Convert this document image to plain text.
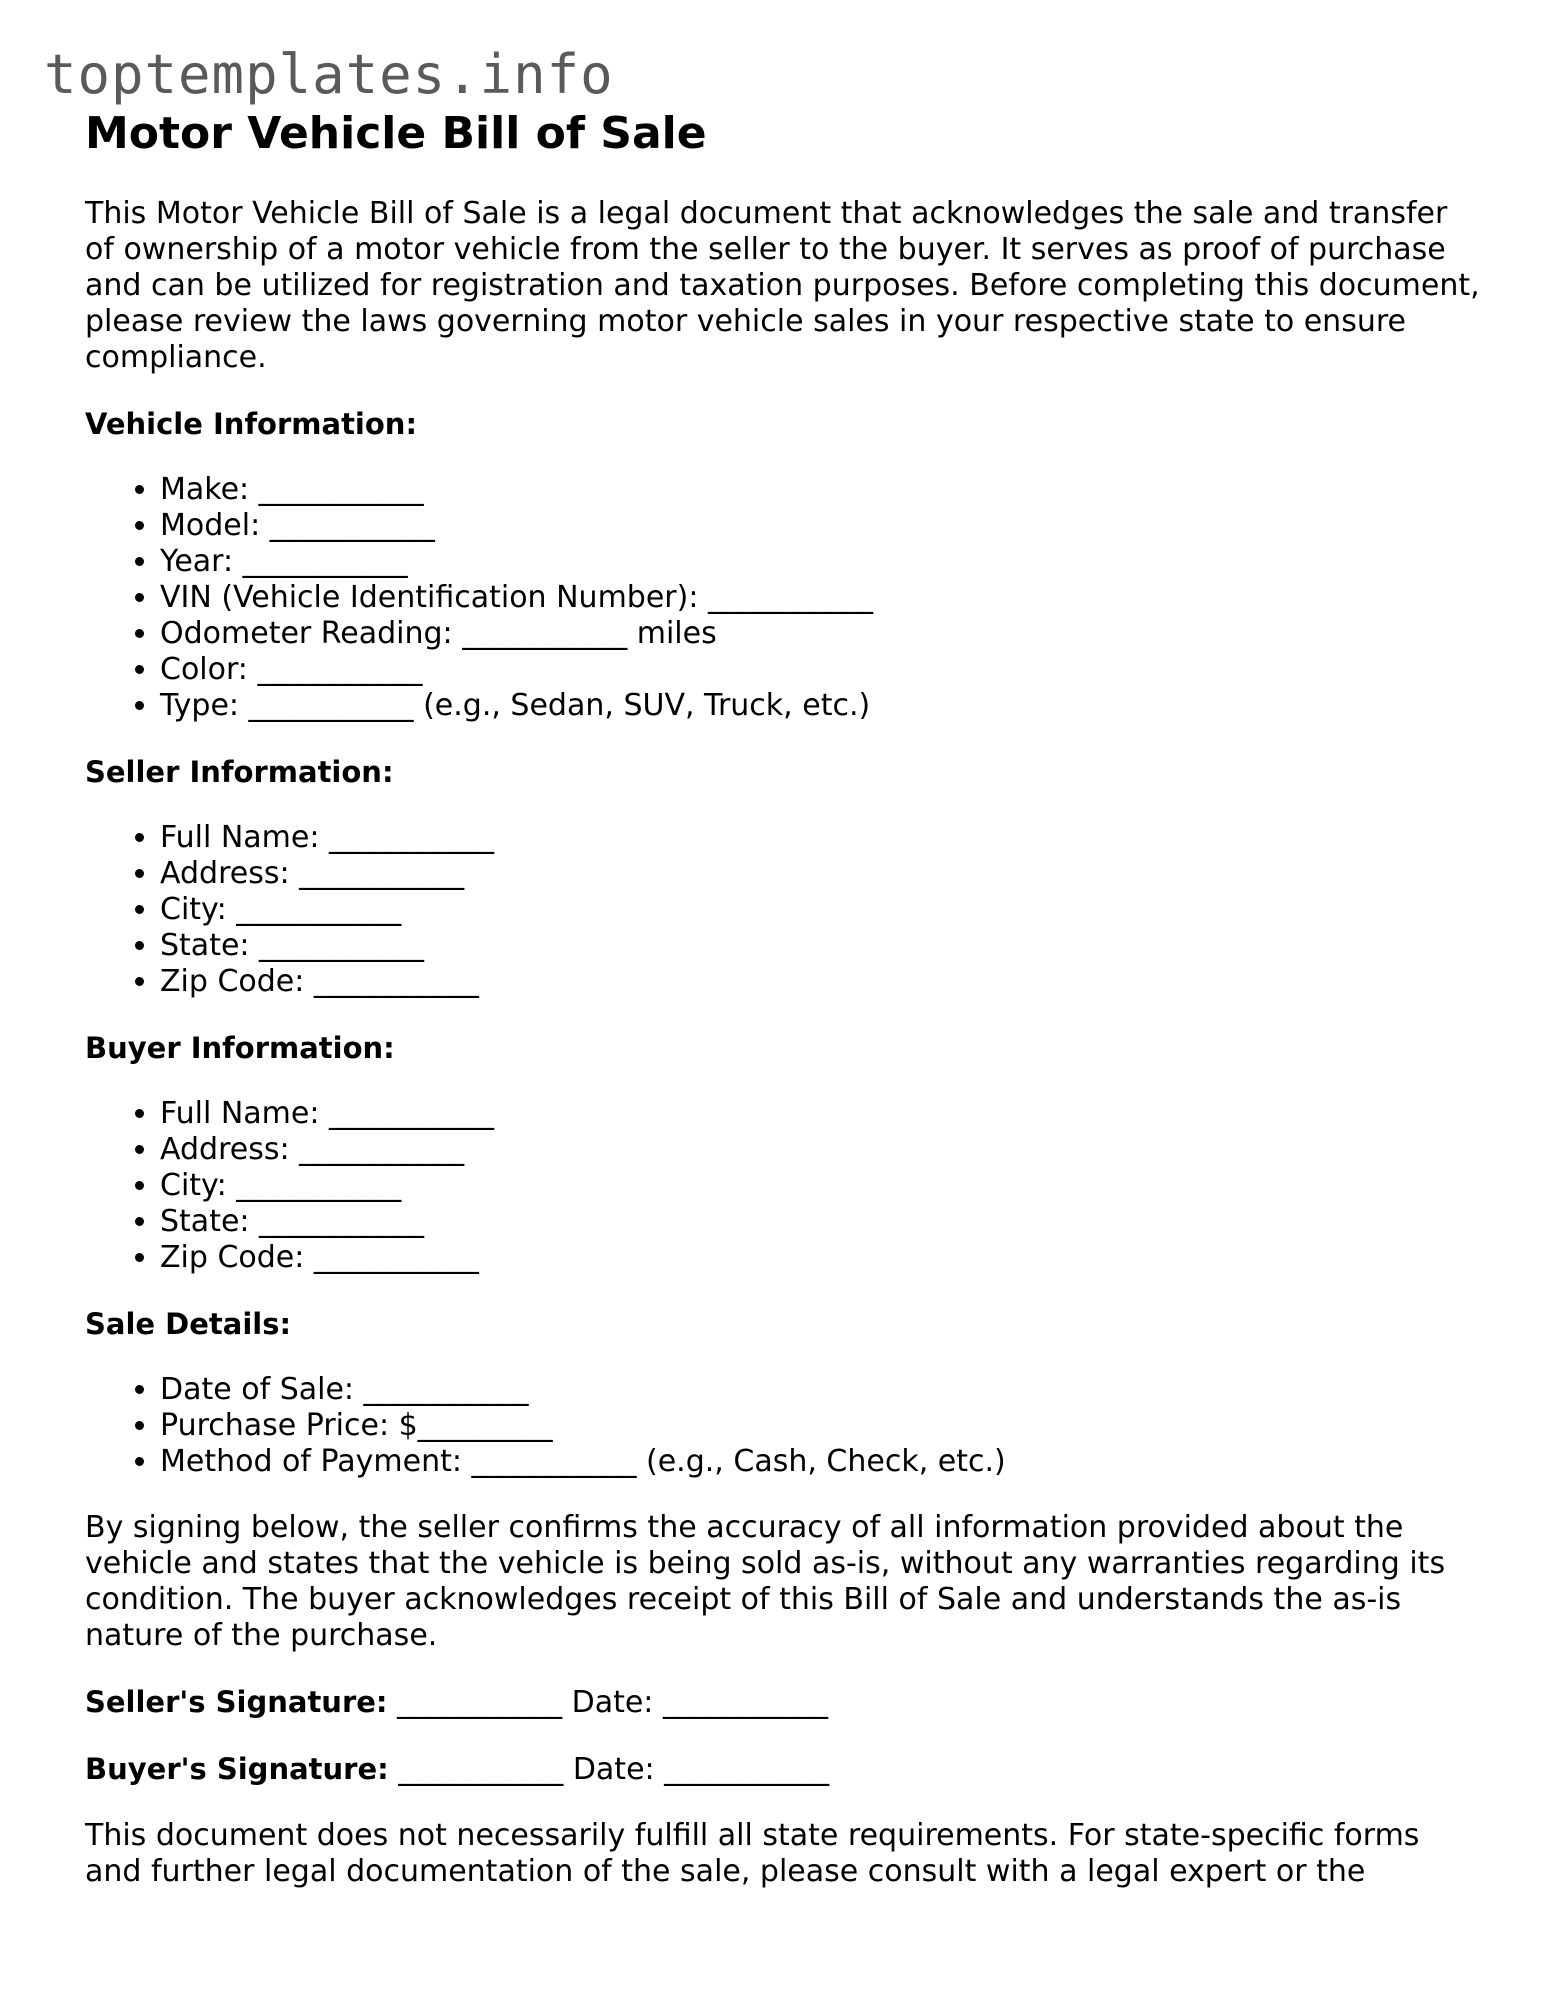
toptemplates.info
Motor Vehicle Bill of Sale

This Motor Vehicle Bill of Sale is a legal document that acknowledges the sale and transfer of ownership of a motor vehicle from the seller to the buyer. It serves as proof of purchase and can be utilized for registration and taxation purposes. Before completing this document, please review the laws governing motor vehicle sales in your respective state to ensure compliance.

Vehicle Information:
• Make: ___________
• Model: ___________
• Year: ___________
• VIN (Vehicle Identification Number): ___________
• Odometer Reading: ___________ miles
• Color: ___________
• Type: ___________ (e.g., Sedan, SUV, Truck, etc.)
Seller Information:
• Full Name: ___________
• Address: ___________
• City: ___________
• State: ___________
• Zip Code: ___________
Buyer Information:
• Full Name: ___________
• Address: ___________
• City: ___________
• State: ___________
• Zip Code: ___________
Sale Details:
• Date of Sale: ___________
• Purchase Price: $_________
• Method of Payment: ___________ (e.g., Cash, Check, etc.)

By signing below, the seller confirms the accuracy of all information provided about the vehicle and states that the vehicle is being sold as-is, without any warranties regarding its condition. The buyer acknowledges receipt of this Bill of Sale and understands the as-is nature of the purchase.

Seller's Signature: ___________ Date: ___________
Buyer's Signature: ___________ Date: ___________

This document does not necessarily fulfill all state requirements. For state-specific forms and further legal documentation of the sale, please consult with a legal expert or the
